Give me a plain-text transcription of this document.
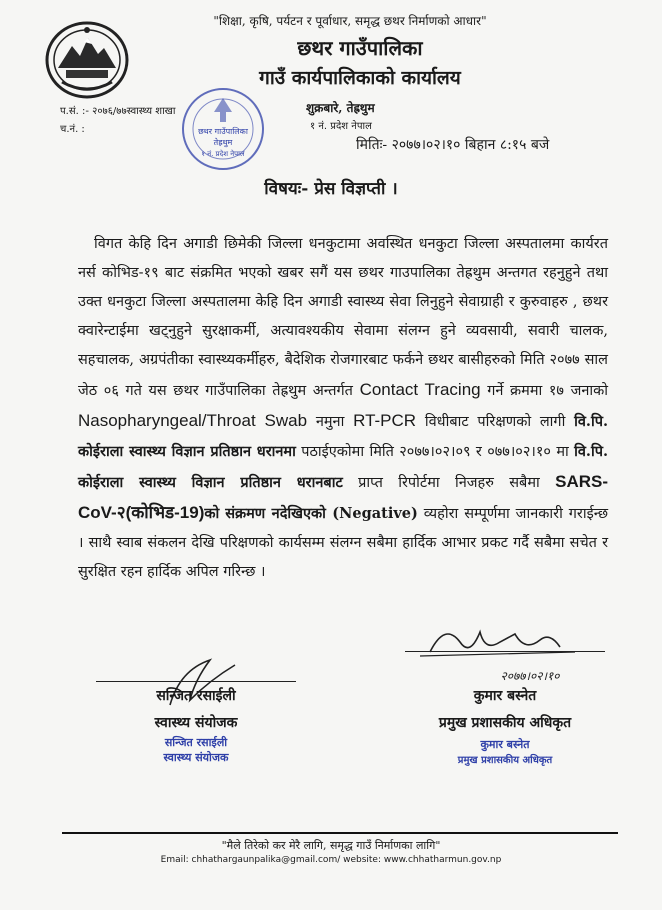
"शिक्षा, कृषि, पर्यटन र पूर्वाधार, समृद्ध छथर निर्माणको आधार"
छथर गाउँपालिका
गाउँ कार्यपालिकाको कार्यालय
प.सं. :- २०७६/७७स्वास्थ्य शाखा
च.नं. :	छथर गाउँपालिका
तेह्रथुम
१ नं. प्रदेश नेपाल
शुक्रबारे, तेह्रथुम
१ नं. प्रदेश नेपाल
मितिः- २०७७।०२।१० बिहान ८:१५ बजे
विषयः- प्रेस विज्ञप्ती ।
विगत केहि दिन अगाडी छिमेकी जिल्ला धनकुटामा अवस्थित धनकुटा जिल्ला अस्पतालमा कार्यरत नर्स कोभिड-१९ बाट संक्रमित भएको खबर सगैं यस छथर गाउपालिका तेह्रथुम अन्तगत रहनुहुने तथा उक्त धनकुटा जिल्ला अस्पतालमा केहि दिन अगाडी स्वास्थ्य सेवा लिनुहुने सेवाग्राही र कुरुवाहरु , छथर क्वारेन्टाईमा खट्नुहुने सुरक्षाकर्मी, अत्यावश्यकीय सेवामा संलग्न हुने व्यवसायी, सवारी चालक, सहचालक, अग्रपंतीका स्वास्थ्यकर्मीहरु, बैदेशिक रोजगारबाट फर्कने छथर बासीहरुको मिति २०७७ साल जेठ ०६ गते यस छथर गाउँपालिका तेह्रथुम अन्तर्गत Contact Tracing गर्ने क्रममा १७ जनाको Nasopharyngeal/Throat Swab नमुना RT-PCR विधीबाट परिक्षणको लागी वि.पि. कोईराला स्वास्थ्य विज्ञान प्रतिष्ठान धरानमा पठाईएकोमा मिति २०७७।०२।०९ र ०७७।०२।१० मा वि.पि. कोईराला स्वास्थ्य विज्ञान प्रतिष्ठान धरानबाट प्राप्त रिपोर्टमा निजहरु सबैमा SARS-CoV-२(कोभिड-19)को संक्रमण नदेखिएको (Negative) व्यहोरा सम्पूर्णमा जानकारी गराईन्छ । साथै स्वाब संकलन देखि परिक्षणको कार्यसम्म संलग्न सबैमा हार्दिक आभार प्रकट गर्दै सबैमा सचेत र सुरक्षित रहन हार्दिक अपिल गरिन्छ ।
२०७७।०२।१०
सन्जित रसाईली
स्वास्थ्य संयोजक
सन्जित रसाईली
स्वास्थ्य संयोजक
कुमार बस्नेत
प्रमुख प्रशासकीय अधिकृत
कुमार बस्नेत
प्रमुख प्रशासकीय अधिकृत
"मैले तिरेको कर मेरै लागि, समृद्ध गाउँ निर्माणका लागि"
Email: chhathargaunpalika@gmail.com/ website: www.chhatharmun.gov.np
